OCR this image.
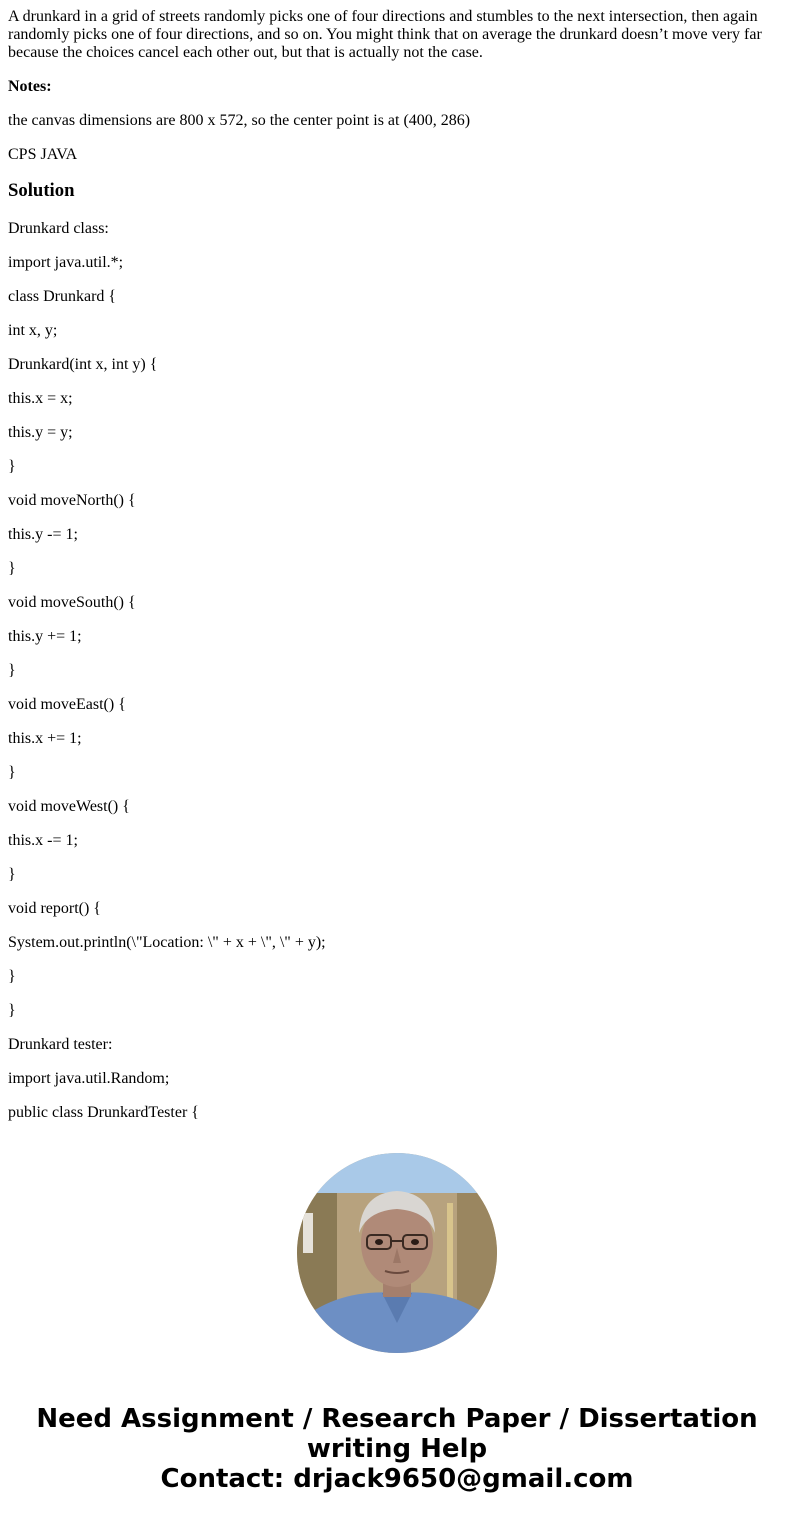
A drunkard in a grid of streets randomly picks one of four directions and stumbles to the next intersection, then again randomly picks one of four directions, and so on. You might think that on average the drunkard doesn’t move very far because the choices cancel each other out, but that is actually not the case.

Notes:

the canvas dimensions are 800 x 572, so the center point is at (400, 286)

CPS JAVA

Solution

Drunkard class:

import java.util.*;

class Drunkard {

int x, y;

Drunkard(int x, int y) {

this.x = x;

this.y = y;

}

void moveNorth() {

this.y -= 1;

}

void moveSouth() {

this.y += 1;

}

void moveEast() {

this.x += 1;

}

void moveWest() {

this.x -= 1;

}

void report() {

System.out.println(\"Location: \" + x + \", \" + y);

}

}

Drunkard tester:

import java.util.Random;

public class DrunkardTester {

Need Assignment / Research Paper / Dissertation
writing Help
Contact: drjack9650@gmail.com
